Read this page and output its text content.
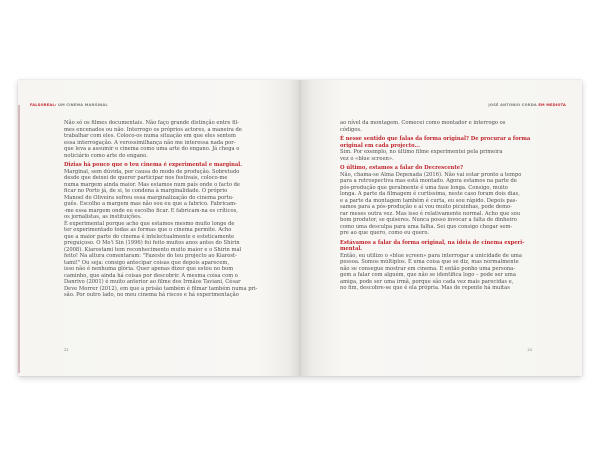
FALSOREAL: UM CINEMA MARGINAL

Não só os filmes documentais. Não faço grande distinção entre fil-

mes encenados ou não. Interrogo os próprios actores, a maneira de

trabalhar com eles. Coloco-os numa situação em que eles sentem

essa interrogação. A verossimilhança não me interessa nada por-

que leva a assumir o cinema como uma arte do engano. Já chega o

noticiário como arte do engano.

Dizias há pouco que o teu cinema é experimental e marginal.

Marginal, sem dúvida, por causa do modo de produção. Sobretudo

desde que deixei de querer participar nos festivais, coloco-me

numa margem ainda maior. Mas estamos num país onde o facto de

ficar no Porto já, de si, te condena à marginalidade. O próprio

Manoel de Oliveira sofreu essa marginalização do cinema portu-

guês. Escolho a margem mas não sou eu que a fabrico. Fabricam-

-me essa margem onde eu escolho ficar. E fabricam-na os críticos,

os jornalistas, as instituições.

É experimental porque acho que estamos mesmo muito longe de

ter experimentado todas as formas que o cinema permite. Acho

que a maior parte do cinema é intelectualmente e esteticamente

preguiçoso. O Mo'i Sin (1996) foi feito muitos anos antes do Shirin

(2008). Kiarostami tem reconhecimento muito maior e o Shirin mal

feito! Na altura comentaram: "Fazeste do teu projecto ao Kiarost-

tami!" Ou seja: consigo antecipar coisas que depois aparecem,

isso não é nenhuma glória. Quer apenas dizer que estou no bom

caminho, que ainda há coisas por descobrir. A mesma coisa com o

Danrivo (2001) é muito anterior ao filme dos Irmãos Taviani, César

Deve Morrer (2012), em que a prisão também é filmar também numa pri-

são. Por outro lado, no meu cinema há riscos e há experimentação

22
JOSÉ ANTÓNIO CORDA EM MEDIOTA

ao nível da montagem. Comecei como montador e interrogo os

códigos.

É nesse sentido que falas da forma original? De procurar a forma

original em cada projecto...

Sim. Por exemplo, no último filme experimentei pela primeira

vez o «blue screen».

O último, estamos a falar do Decrescente?

Não, chama-se Alma Depenada (2016). Não vai estar pronto a tempo

para a retrospectiva mas está montado. Agora estamos na parte de

pós-produção que geralmente é uma fase longa. Consigo, muito

longa. A parte da filmagem é curtíssima, neste caso foram dois dias,

e a parte da montagem também é curta, eu sou rápido. Depois pas-

samos para a pós-produção e aí vou muito picuinhas, pode demo-

rar meses outra vez. Mas isso é relativamente normal. Acho que sou

bom produtor, se quiseres. Nunca posso invocar a falta de dinheiro

como uma desculpa para uma falha. Sei que consigo chegar sem-

pre ao que quero, como eu quero.

Estávamos a falar da forma original, na ideia de cinema experi-

mental.

Então, eu utilizo o «blue screen» para interrogar a unicidade de uma

pessoa. Somos múltiplos. É uma coisa que se diz, mas normalmente

não se consegue mostrar em cinema. E então ponho uma persona-

gem a falar com alguém, que não se identifica logo – pode ser uma

amiga, pode ser uma irmã, porque são cada vez mais parecidas e,

no fim, descobre-se que é ela própria. Mas de repente há muitas

23
